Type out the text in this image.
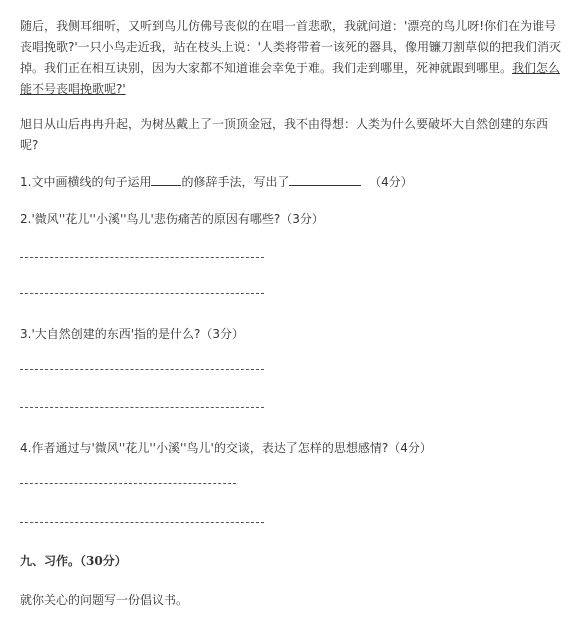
随后，我侧耳细听，又听到鸟儿仿佛号丧似的在唱一首悲歌，我就问道：'漂亮的鸟儿呀!你们在为谁号丧唱挽歌?'一只小鸟走近我，站在枝头上说：'人类将带着一该死的器具，像用镰刀割草似的把我们消灭掉。我们正在相互诀别，因为大家都不知道谁会幸免于难。我们走到哪里，死神就跟到哪里。我们怎么能不号丧唱挽歌呢?'
旭日从山后冉冉升起，为树丛戴上了一顶顶金冠，我不由得想：人类为什么要破坏大自然创建的东西呢?
1.文中画横线的句子运用	的修辞手法，写出了	（4分）
2.'微风''花儿''小溪''鸟儿'悲伤痛苦的原因有哪些?（3分）
3.'大自然创建的东西'指的是什么?（3分）
4.作者通过与'微风''花儿''小溪''鸟儿'的交谈，表达了怎样的思想感情?（4分）
九、习作。（30分）
就你关心的问题写一份倡议书。
